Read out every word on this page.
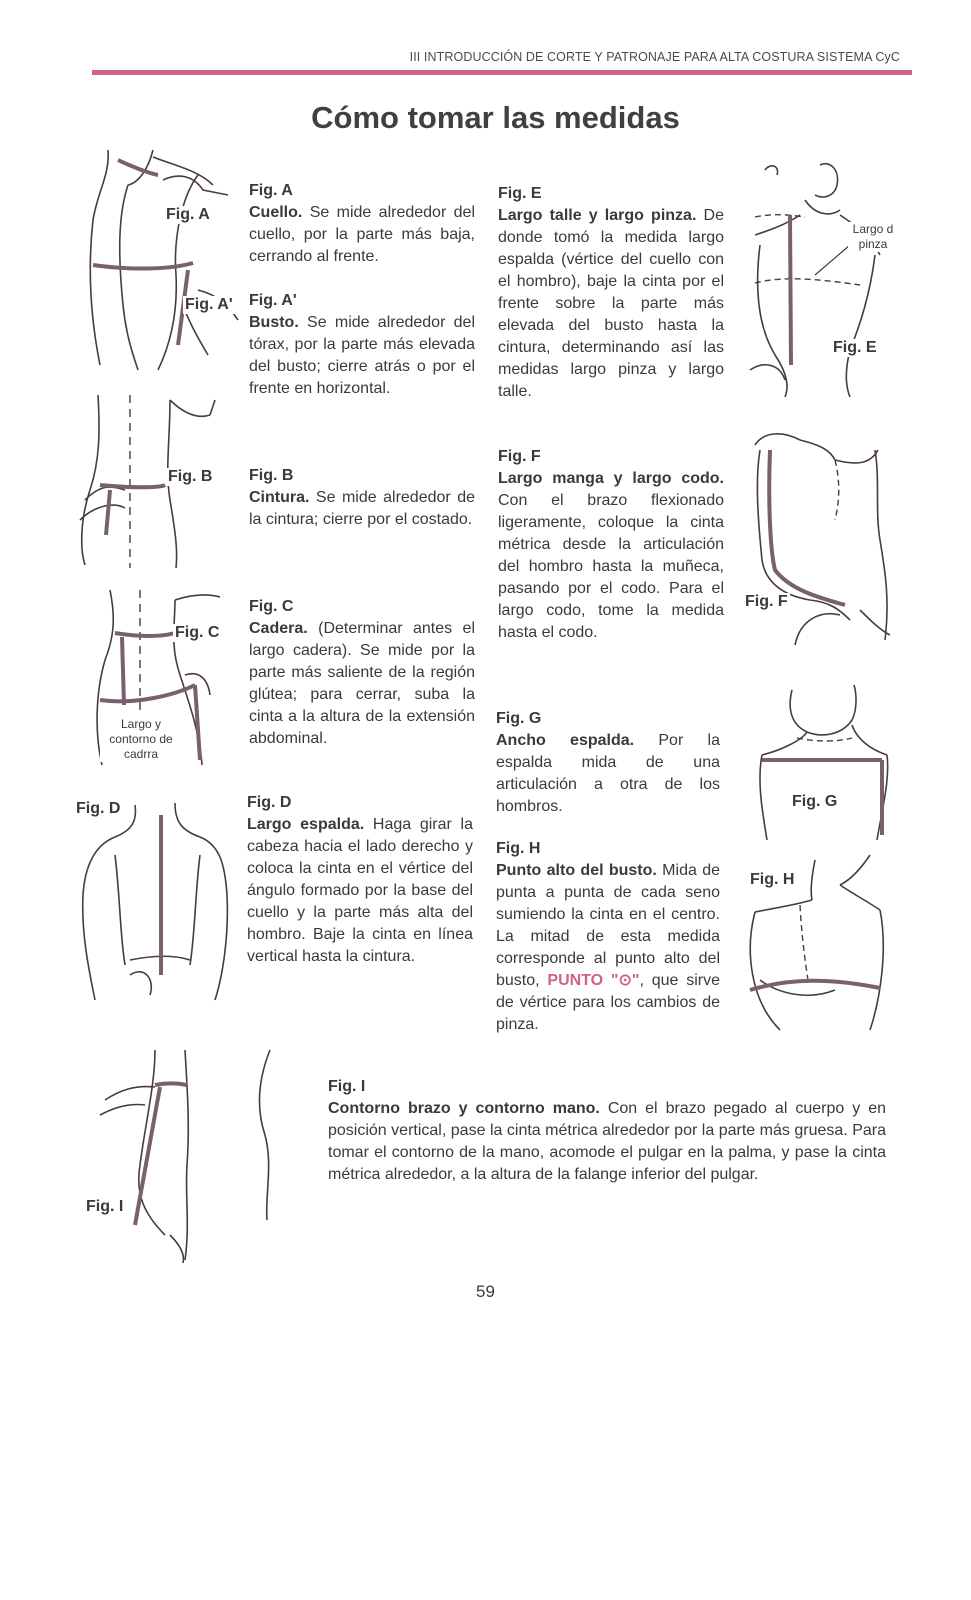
III INTRODUCCIÓN DE CORTE Y PATRONAJE PARA ALTA COSTURA SISTEMA CyC
Cómo tomar las medidas
Fig. A
Fig. A'
Fig. A

Cuello. Se mide alrededor del cuello, por la parte más baja, cerrando al frente.

Fig. A'

Busto. Se mide alrededor del tórax, por la parte más elevada del busto; cierre atrás o por el frente en horizontal.

Fig. B Fig. B

Cintura. Se mide alrededor de la cintura; cierre por el costado.

Fig. C
Largo y
contorno de
cadrra
Fig. C

Cadera. (Determinar antes el largo cadera). Se mide por la parte más saliente de la región glútea; para cerrar, suba la cinta a la altura de la extensión abdominal.

Fig. D	Fig. D

Largo espalda. Haga girar la cabeza hacia el lado derecho y coloca la cinta en el vértice del ángulo formado por la base del cuello y la parte más alta del hombro. Baje la cinta en línea vertical hasta la cintura.

Fig. E

Largo talle y largo pinza. De donde tomó la medida largo espalda (vértice del cuello con el hombro), baje la cinta por el frente sobre la parte más elevada del busto hasta la cintura, determinando así las medidas largo pinza y largo talle.

Largo d
pinza
Fig. E
Fig. F

Largo manga y largo codo. Con el brazo flexionado ligeramente, coloque la cinta métrica desde la articulación del hombro hasta la muñeca, pasando por el codo. Para el largo codo, tome la medida hasta el codo.

Fig. F
Fig. G

Ancho espalda. Por la espalda mida de una articulación a otra de los hombros.	Fig. G
Fig. H

Punto alto del busto. Mida de punta a punta de cada seno sumiendo la cinta en el centro. La mitad de esta medida corresponde al punto alto del busto, PUNTO "⊙", que sirve de vértice para los cambios de pinza.

Fig. H
Fig. I
Fig. I

Contorno brazo y contorno mano. Con el brazo pegado al cuerpo y en posición vertical, pase la cinta métrica alrededor por la parte más gruesa. Para tomar el contorno de la mano, acomode el pulgar en la palma, y pase la cinta métrica alrededor, a la altura de la falange inferior del pulgar.

59
